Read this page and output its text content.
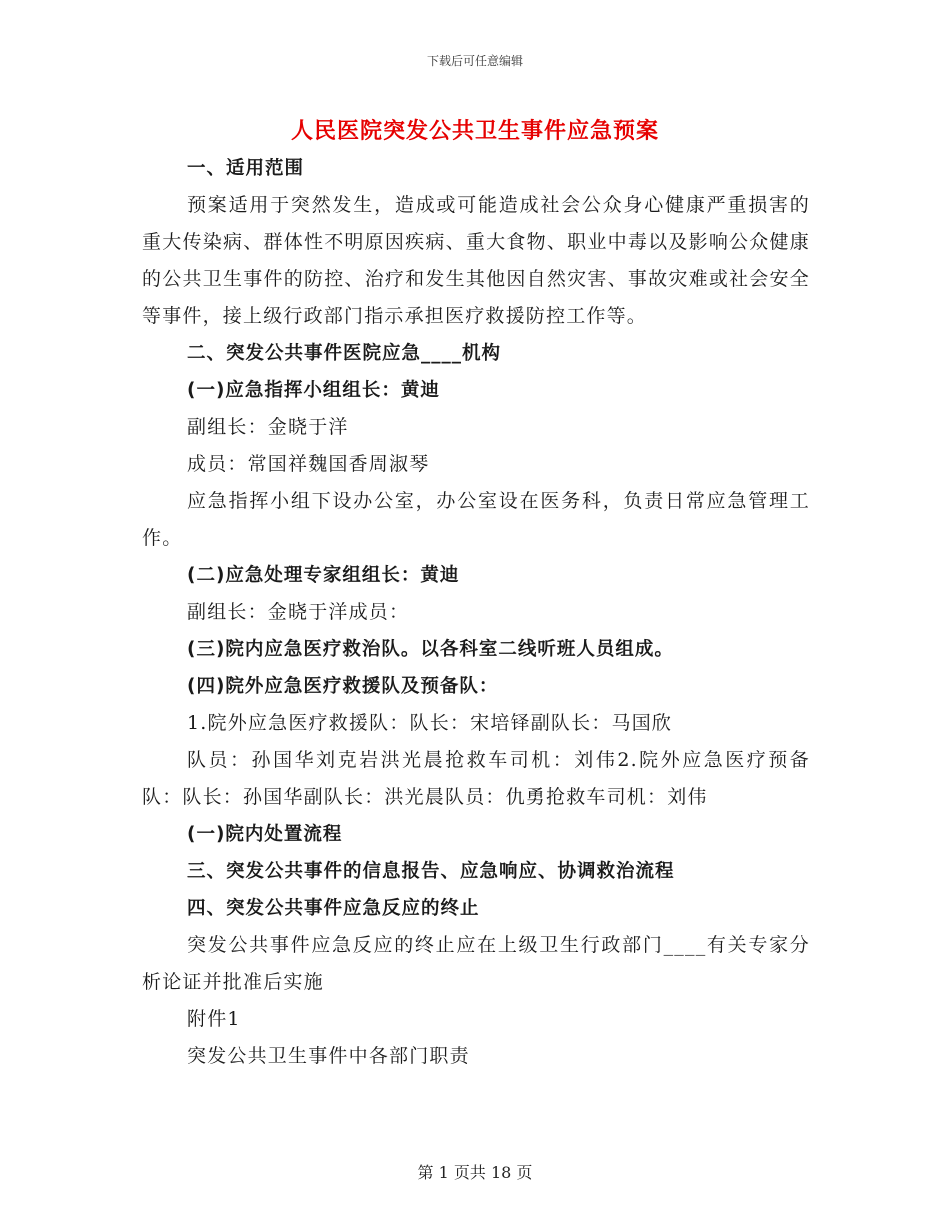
下载后可任意编辑
人民医院突发公共卫生事件应急预案

一、适用范围

预案适用于突然发生，造成或可能造成社会公众身心健康严重损害的重大传染病、群体性不明原因疾病、重大食物、职业中毒以及影响公众健康的公共卫生事件的防控、治疗和发生其他因自然灾害、事故灾难或社会安全等事件，接上级行政部门指示承担医疗救援防控工作等。

二、突发公共事件医院应急____机构

(一)应急指挥小组组长：黄迪

副组长：金晓于洋

成员：常国祥魏国香周淑琴

应急指挥小组下设办公室，办公室设在医务科，负责日常应急管理工作。

(二)应急处理专家组组长：黄迪

副组长：金晓于洋成员：

(三)院内应急医疗救治队。以各科室二线听班人员组成。

(四)院外应急医疗救援队及预备队：

1.院外应急医疗救援队：队长：宋培铎副队长：马国欣

队员：孙国华刘克岩洪光晨抢救车司机：刘伟2.院外应急医疗预备队：队长：孙国华副队长：洪光晨队员：仇勇抢救车司机：刘伟

(一)院内处置流程

三、突发公共事件的信息报告、应急响应、协调救治流程

四、突发公共事件应急反应的终止

突发公共事件应急反应的终止应在上级卫生行政部门____有关专家分析论证并批准后实施

附件1

突发公共卫生事件中各部门职责

第 1 页共 18 页
